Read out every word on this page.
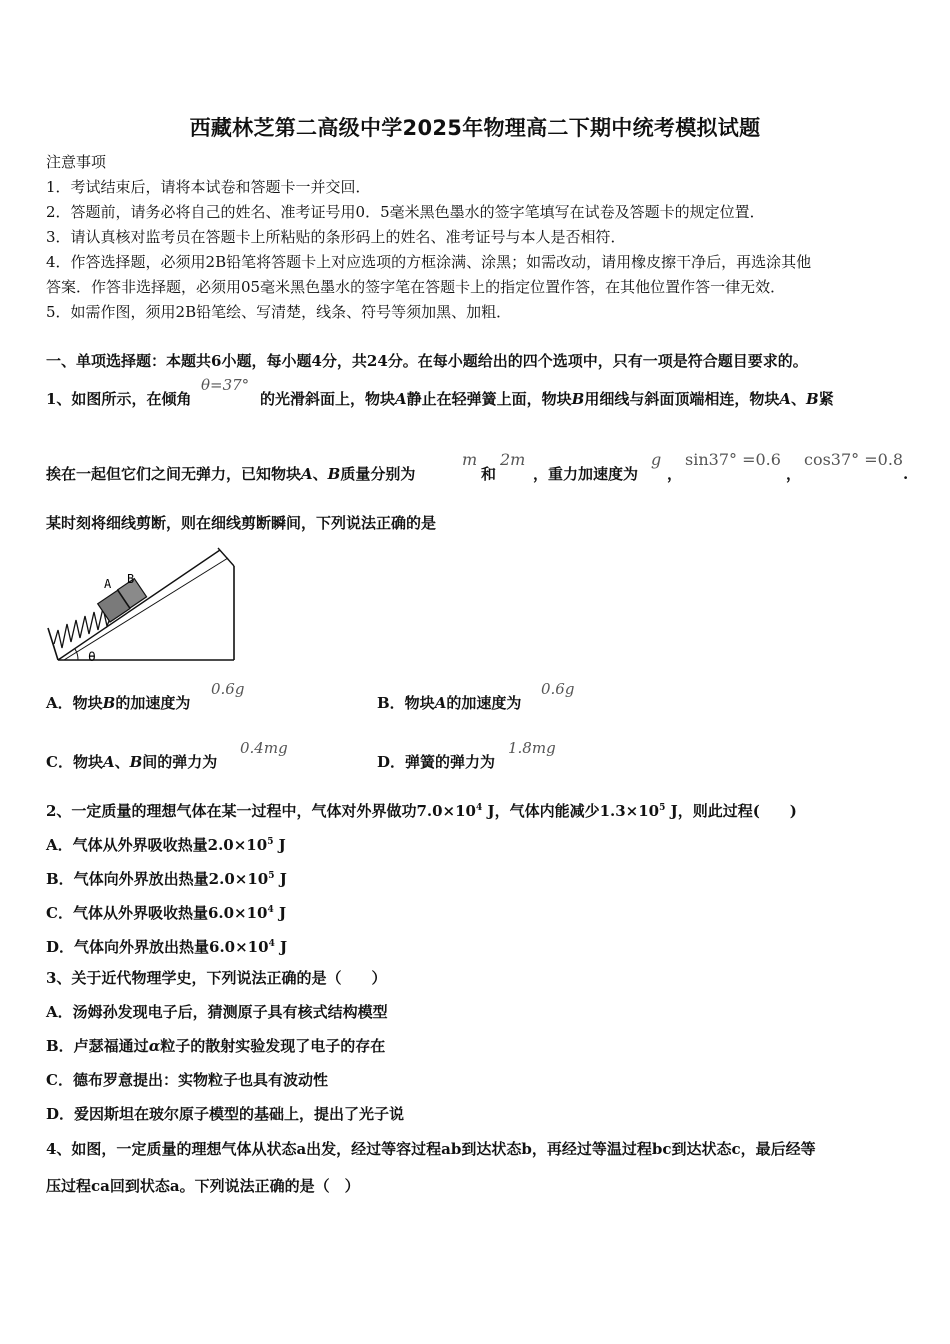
西藏林芝第二高级中学2025年物理高二下期中统考模拟试题
注意事项
1．考试结束后，请将本试卷和答题卡一并交回．
2．答题前，请务必将自己的姓名、准考证号用0．5毫米黑色墨水的签字笔填写在试卷及答题卡的规定位置．
3．请认真核对监考员在答题卡上所粘贴的条形码上的姓名、准考证号与本人是否相符．
4．作答选择题，必须用2B铅笔将答题卡上对应选项的方框涂满、涂黑；如需改动，请用橡皮擦干净后，再选涂其他
答案．作答非选择题，必须用05毫米黑色墨水的签字笔在答题卡上的指定位置作答，在其他位置作答一律无效．
5．如需作图，须用2B铅笔绘、写清楚，线条、符号等须加黑、加粗．
一、单项选择题：本题共6小题，每小题4分，共24分。在每小题给出的四个选项中，只有一项是符合题目要求的。
1、如图所示，在倾角
θ=37°
的光滑斜面上，物块A静止在轻弹簧上面，物块B用细线与斜面顶端相连，物块A、B紧
挨在一起但它们之间无弹力，已知物块A、B质量分别为
m
和
2m
，重力加速度为
g
，
sin37° =0.6
，
cos37° =0.8
.
某时刻将细线剪断，则在细线剪断瞬间，下列说法正确的是
A B
θ
A．物块B的加速度为
0.6g
B．物块A的加速度为
0.6g
C．物块A、B间的弹力为
0.4mg
D．弹簧的弹力为
1.8mg
2、一定质量的理想气体在某一过程中，气体对外界做功$7.0\times 10^4$ J，气体内能减少$1.3\times 10^5$ J，则此过程(　　)
A．气体从外界吸收热量$2.0\times 10^5$ J
B．气体向外界放出热量$2.0\times 10^5$ J
C．气体从外界吸收热量$6.0\times 10^4$ J
D．气体向外界放出热量$6.0\times 10^4$ J
3、关于近代物理学史，下列说法正确的是（　　）
A．汤姆孙发现电子后，猜测原子具有核式结构模型
B．卢瑟福通过α粒子的散射实验发现了电子的存在
C．德布罗意提出：实物粒子也具有波动性
D．爱因斯坦在玻尔原子模型的基础上，提出了光子说
4、如图，一定质量的理想气体从状态a出发，经过等容过程ab到达状态b，再经过等温过程bc到达状态c，最后经等
压过程ca回到状态a。下列说法正确的是（　）
